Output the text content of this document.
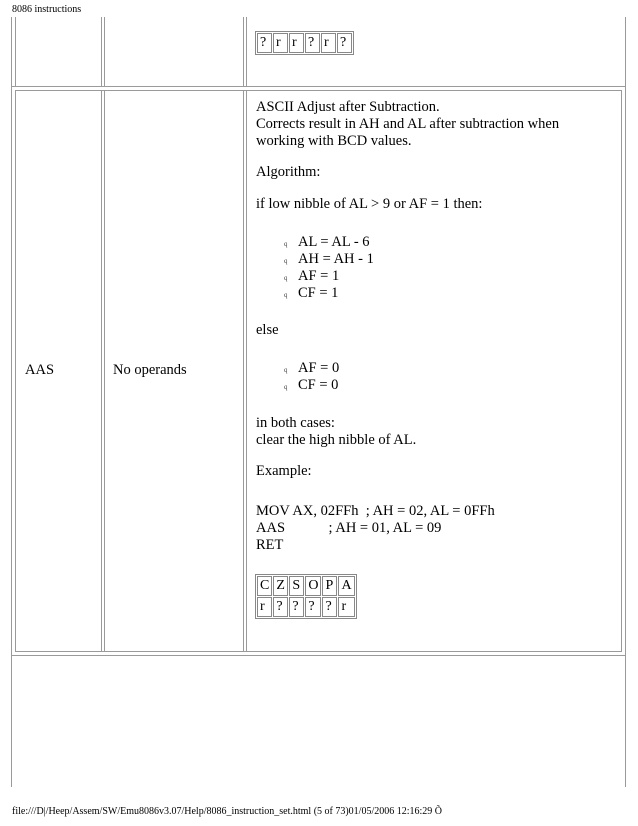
8086 instructions
?	r	r	?	r	?
AAS	No operands
ASCII Adjust after Subtraction.
Corrects result in AH and AL after subtraction when
working with BCD values.
Algorithm:
if low nibble of AL > 9 or AF = 1 then:
q AL = AL - 6
q AH = AH - 1
q AF = 1
q CF = 1
else
q AF = 0
q CF = 0
in both cases:
clear the high nibble of AL.
Example:
MOV AX, 02FFh  ; AH = 02, AL = 0FFh
AAS            ; AH = 01, AL = 09
RET
C	Z	S	O	P	A
r	?	?	?	?	r
file:///D|/Heep/Assem/SW/Emu8086v3.07/Help/8086_instruction_set.html (5 of 73)01/05/2006 12:16:29 Õ
